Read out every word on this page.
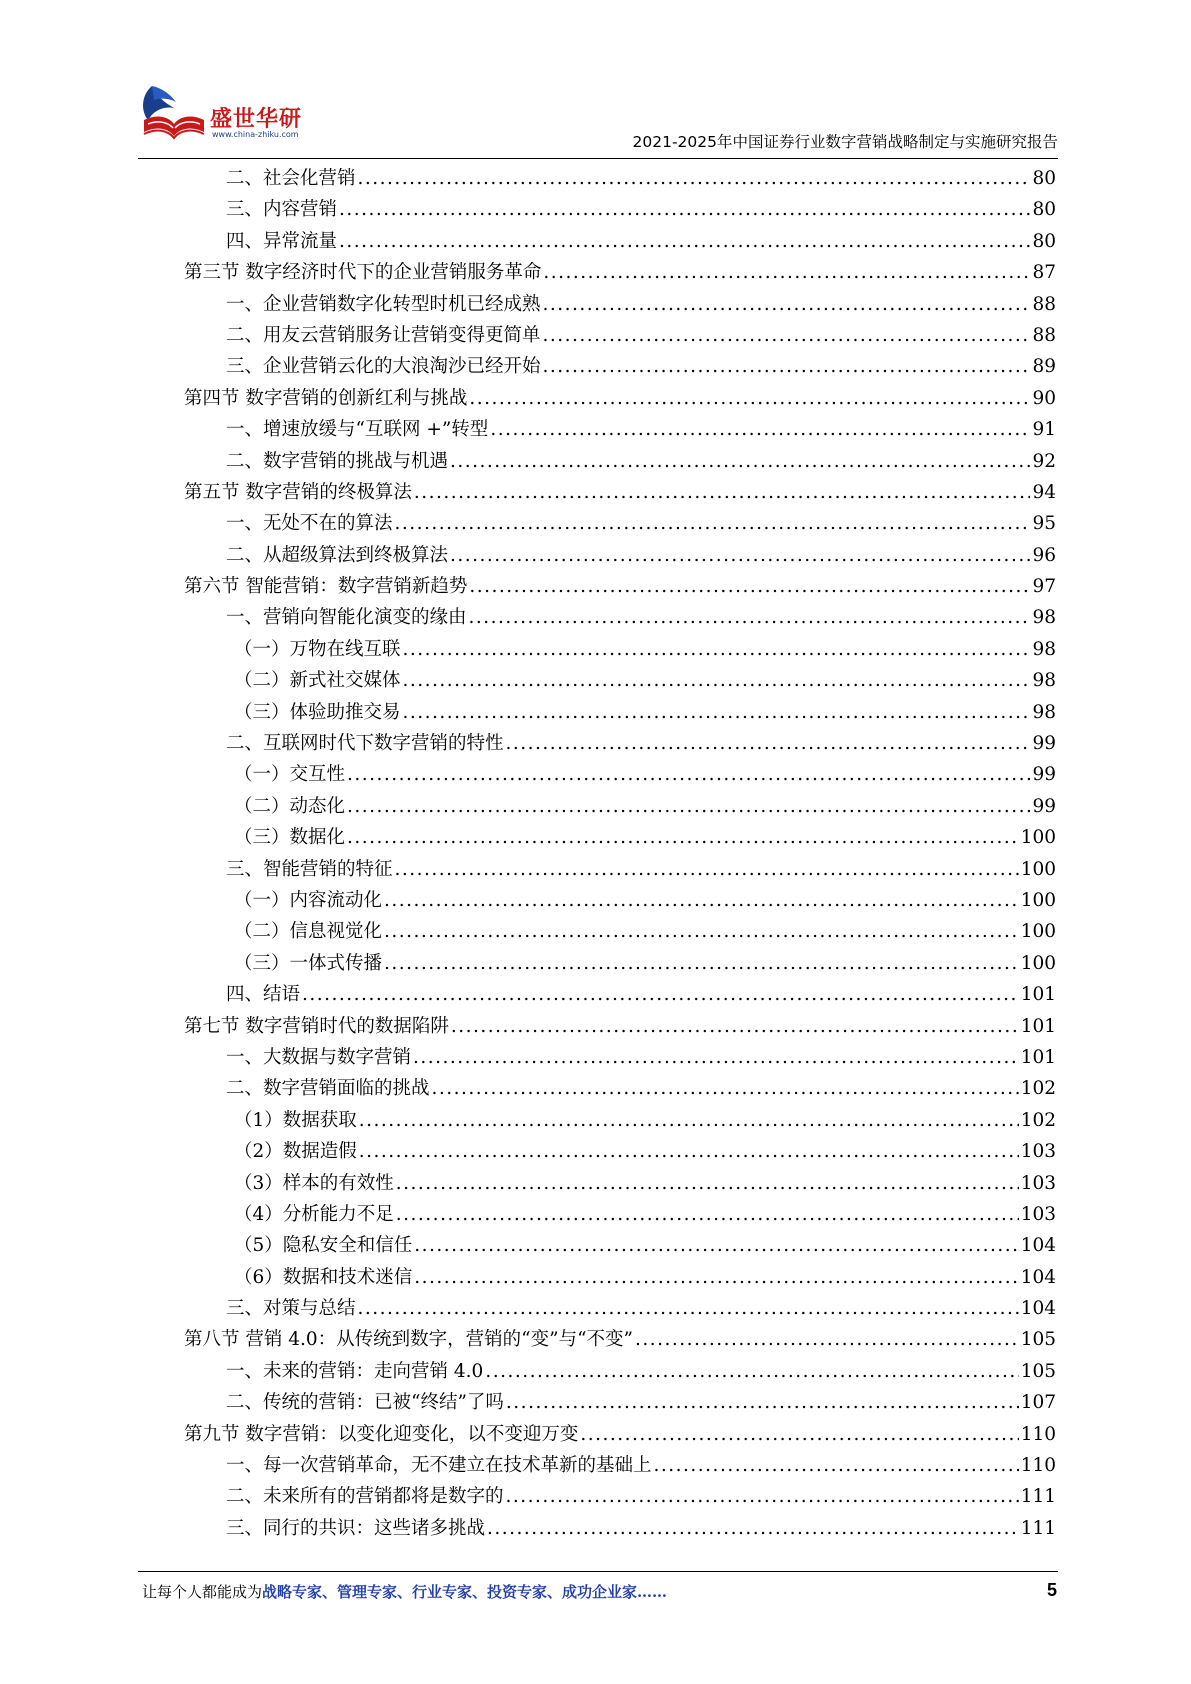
盛世华研
www.china-zhiku.com	2021-2025年中国证券行业数字营销战略制定与实施研究报告
二、社会化营销 .....	80
三、内容营销 .....	80
四、异常流量 .....	80
第三节 数字经济时代下的企业营销服务革命 .....	87
一、企业营销数字化转型时机已经成熟 .....	88
二、用友云营销服务让营销变得更简单 .....	88
三、企业营销云化的大浪淘沙已经开始 .....	89
第四节 数字营销的创新红利与挑战 .....	90
一、增速放缓与“互联网 +”转型 .....	91
二、数字营销的挑战与机遇 .....	92
第五节 数字营销的终极算法 .....	94
一、无处不在的算法 .....	95
二、从超级算法到终极算法 .....	96
第六节 智能营销：数字营销新趋势 .....	97
一、营销向智能化演变的缘由 .....	98
（一）万物在线互联 .....	98
（二）新式社交媒体 .....	98
（三）体验助推交易 .....	98
二、互联网时代下数字营销的特性 .....	99
（一）交互性 .....	99
（二）动态化 .....	99
（三）数据化 .....	100
三、智能营销的特征 .....	100
（一）内容流动化 .....	100
（二）信息视觉化 .....	100
（三）一体式传播 .....	100
四、结语 .....	101
第七节 数字营销时代的数据陷阱 .....	101
一、大数据与数字营销 .....	101
二、数字营销面临的挑战 .....	102
（1）数据获取 .....	102
（2）数据造假 .....	103
（3）样本的有效性 .....	103
（4）分析能力不足 .....	103
（5）隐私安全和信任 .....	104
（6）数据和技术迷信 .....	104
三、对策与总结 .....	104
第八节 营销 4.0：从传统到数字，营销的“变”与“不变” .....	105
一、未来的营销：走向营销 4.0 .....	105
二、传统的营销：已被“终结”了吗 .....	107
第九节 数字营销：以变化迎变化，以不变迎万变 .....	110
一、每一次营销革命，无不建立在技术革新的基础上 .....	110
二、未来所有的营销都将是数字的 .....	111
三、同行的共识：这些诸多挑战 .....	111
让每个人都能成为战略专家、管理专家、行业专家、投资专家、成功企业家……	5
